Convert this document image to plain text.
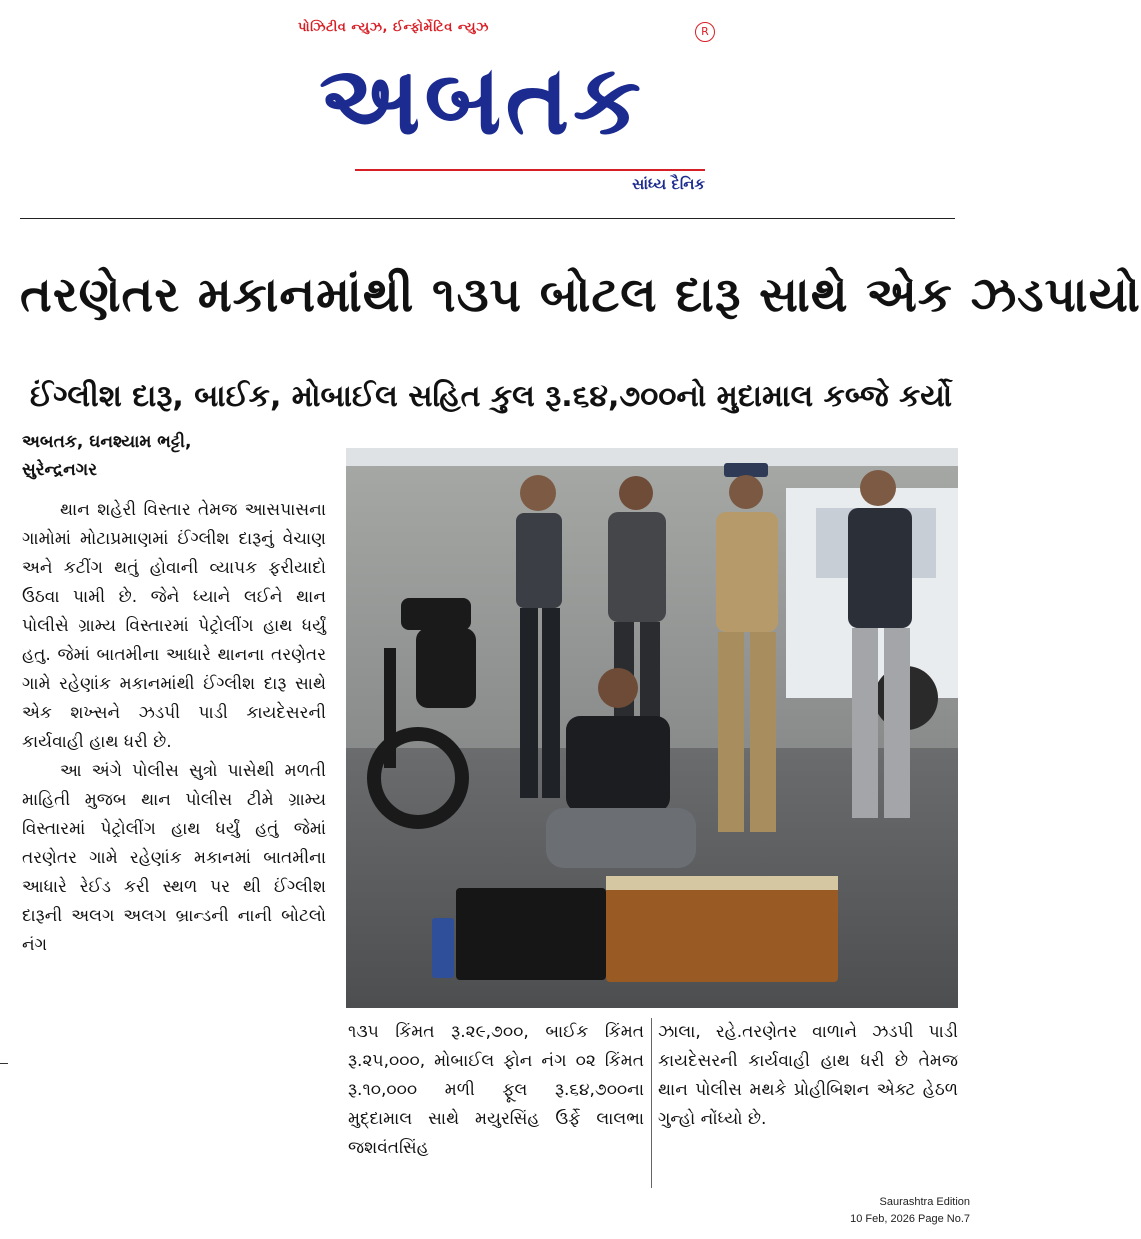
પોઝિટીવ ન્યુઝ, ઈન્ફોર્મેટિવ ન્યુઝ	R
અબતક
સાંધ્ય દૈનિક
તરણેતર મકાનમાંથી ૧૩૫ બોટલ દારૂ સાથે એક ઝડપાયો
ઈંગ્લીશ દારૂ, બાઈક, મોબાઈલ સહિત કુલ રૂ.૬૪,૭૦૦નો મુદામાલ કબ્જે કર્યો
અબતક, ઘનશ્યામ ભટ્ટી,
સુરેન્દ્રનગર

થાન શહેરી વિસ્તાર તેમજ આસપાસના ગામોમાં મોટાપ્રમાણમાં ઈંગ્લીશ દારૂનું વેચાણ અને કટીંગ થતું હોવાની વ્યાપક ફરીયાદો ઉઠવા પામી છે. જેને ધ્યાને લઈને થાન પોલીસે ગ્રામ્ય વિસ્તારમાં પેટ્રોલીંગ હાથ ધર્યું હતુ. જેમાં બાતમીના આધારે થાનના તરણેતર ગામે રહેણાંક મકાનમાંથી ઈંગ્લીશ દારૂ સાથે એક શખ્સને ઝડપી પાડી કાયદેસરની કાર્યવાહી હાથ ધરી છે.

આ અંગે પોલીસ સુત્રો પાસેથી મળતી માહિતી મુજબ થાન પોલીસ ટીમે ગ્રામ્ય વિસ્તારમાં પેટ્રોલીંગ હાથ ધર્યું હતું જેમાં તરણેતર ગામે રહેણાંક મકાનમાં બાતમીના આધારે રેઈડ કરી સ્થળ પર થી ઈંગ્લીશ દારૂની અલગ અલગ બ્રાન્ડની નાની બોટલો નંગ

૧૩૫ કિંમત રૂ.૨૯,૭૦૦, બાઈક કિંમત રૂ.૨૫,૦૦૦, મોબાઈલ ફોન નંગ ૦૨ કિંમત રૂ.૧૦,૦૦૦ મળી ફૂલ રૂ.૬૪,૭૦૦ના મુદ્દામાલ સાથે મયુરસિંહ ઉર્ફે લાલભા જશવંતસિંહ
ઝાલા, રહે.તરણેતર વાળાને ઝડપી પાડી કાયદેસરની કાર્યવાહી હાથ ધરી છે તેમજ થાન પોલીસ મથકે પ્રોહીબિશન એક્ટ હેઠળ ગુન્હો નોંધ્યો છે.
Saurashtra Edition
10 Feb, 2026 Page No.7
